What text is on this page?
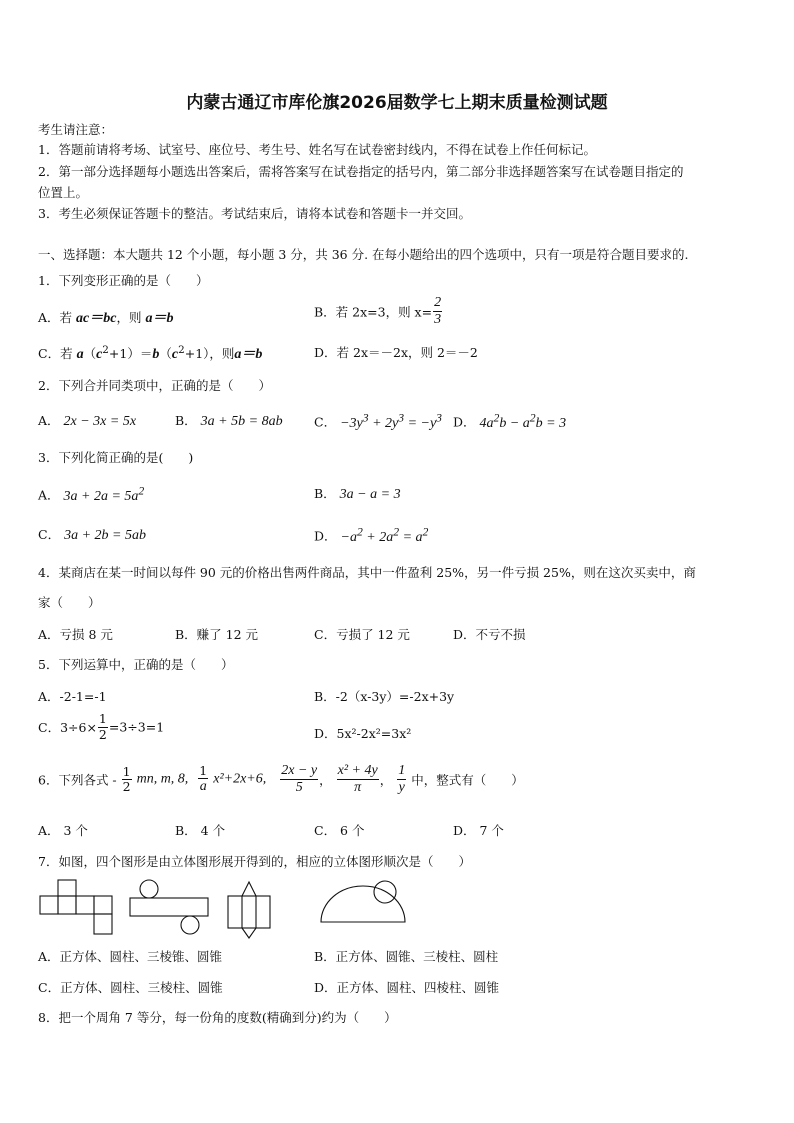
内蒙古通辽市库伦旗2026届数学七上期末质量检测试题
考生请注意：
1．答题前请将考场、试室号、座位号、考生号、姓名写在试卷密封线内，不得在试卷上作任何标记。
2．第一部分选择题每小题选出答案后，需将答案写在试卷指定的括号内，第二部分非选择题答案写在试卷题目指定的
位置上。
3．考生必须保证答题卡的整洁。考试结束后，请将本试卷和答题卡一并交回。
一、选择题：本大题共 12 个小题，每小题 3 分，共 36 分. 在每小题给出的四个选项中，只有一项是符合题目要求的.
1．下列变形正确的是（　　）
A．若 ac＝bc，则 a＝b	B．若 2x=3，则 $x= \frac{2}{3}$
C．若 $a(c^2+1)=b(c^2+1)$，则a＝b	D．若 2x＝－2x，则 2＝－2
2．下列合并同类项中，正确的是（　　）
A． 2x − 3x = 5x	B． 3a + 5b = 8ab	C． $-3y^3 + 2y^3 = -y^3$ D． $4a^2b - a^2b = 3$
3．下列化简正确的是(　　)
A． $3a + 2a = 5a^2$	B． 3a − a = 3
C． 3a + 2b = 5ab	D． $-a^2 + 2a^2 = a^2$
4．某商店在某一时间以每件 90 元的价格出售两件商品，其中一件盈利 25%，另一件亏损 25%，则在这次买卖中，商
家（　　）
A．亏损 8 元	B．赚了 12 元	C．亏损了 12 元	D．不亏不损
5．下列运算中，正确的是（　　）
A．-2-1=-1	B．-2（x-3y）=-2x+3y
C．$3\div 6\times \frac{1}{2} =3\div 3=1$	D．5x²-2x²=3x²
6．下列各式 - $\frac{1}{2}$ mn, m, 8, $\frac{1}{a} x^2+2x+6$, $\frac{2x - y}{5}$ ， $\frac{\text{x² + 4y}}{\pi}$ ， $\frac{1}{y}$ 中，整式有（　　）
A． 3 个	B． 4 个	C． 6 个	D． 7 个
7．如图，四个图形是由立体图形展开得到的，相应的立体图形顺次是（　　）
A．正方体、圆柱、三棱锥、圆锥	B．正方体、圆锥、三棱柱、圆柱
C．正方体、圆柱、三棱柱、圆锥	D．正方体、圆柱、四棱柱、圆锥
8．把一个周角 7 等分，每一份角的度数(精确到分)约为（　　）
